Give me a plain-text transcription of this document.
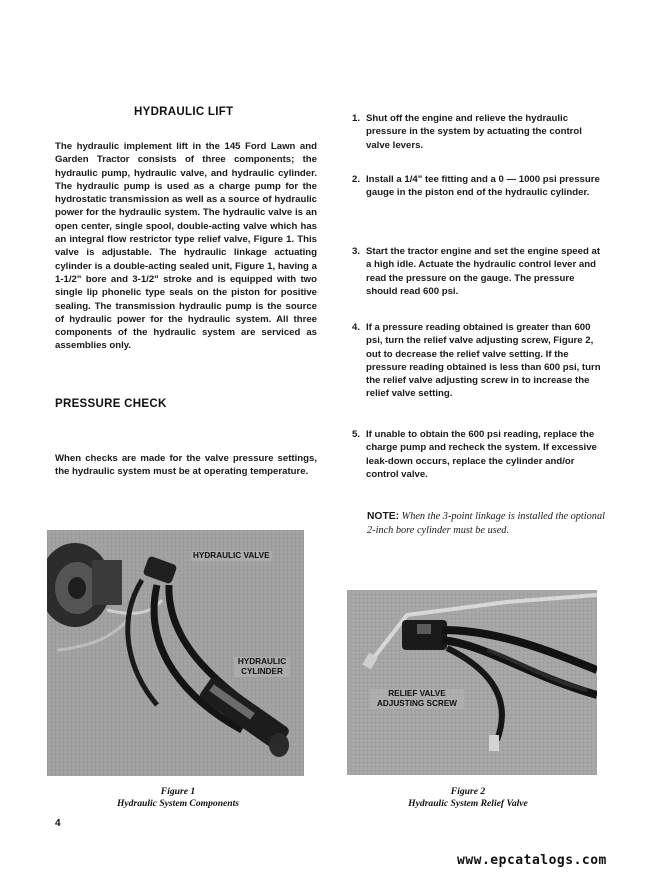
HYDRAULIC LIFT
The hydraulic implement lift in the 145 Ford Lawn and Garden Tractor consists of three components; the hydraulic pump, hydraulic valve, and hydraulic cylinder. The hydraulic pump is used as a charge pump for the hydrostatic transmission as well as a source of hydraulic power for the hydraulic system. The hydraulic valve is an open center, single spool, double-acting valve which has an integral flow restrictor type relief valve, Figure 1. This valve is adjustable. The hydraulic linkage actuating cylinder is a double-acting sealed unit, Figure 1, having a 1-1/2" bore and 3-1/2" stroke and is equipped with two single lip phonelic type seals on the piston for positive sealing. The transmission hydraulic pump is the source of hydraulic power for the hydraulic system. All three components of the hydraulic system are serviced as assemblies only.
PRESSURE CHECK
When checks are made for the valve pressure settings, the hydraulic system must be at operating temperature.
1. Shut off the engine and relieve the hydraulic pressure in the system by actuating the control valve levers.
2. Install a 1/4" tee fitting and a 0 — 1000 psi pressure gauge in the piston end of the hydraulic cylinder.
3. Start the tractor engine and set the engine speed at a high idle. Actuate the hydraulic control lever and read the pressure on the gauge. The pressure should read 600 psi.
4. If a pressure reading obtained is greater than 600 psi, turn the relief valve adjusting screw, Figure 2, out to decrease the relief valve setting. If the pressure reading obtained is less than 600 psi, turn the relief valve adjusting screw in to increase the relief valve setting.
5. If unable to obtain the 600 psi reading, replace the charge pump and recheck the system. If excessive leak-down occurs, replace the cylinder and/or control valve.
NOTE: When the 3-point linkage is installed the optional 2-inch bore cylinder must be used.
HYDRAULIC VALVE
HYDRAULIC CYLINDER
Figure 1
Hydraulic System Components
RELIEF VALVE ADJUSTING SCREW
Figure 2
Hydraulic System Relief Valve
4
www.epcatalogs.com
